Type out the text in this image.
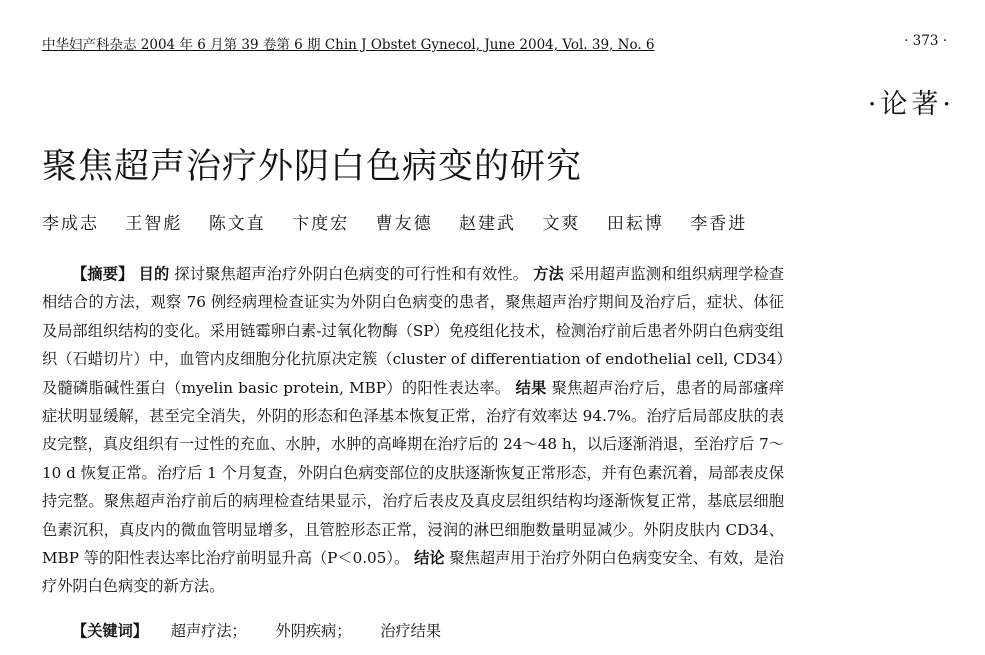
中华妇产科杂志 2004 年 6 月第 39 卷第 6 期 Chin J Obstet Gynecol, June 2004, Vol. 39, No. 6	· 373 ·
·论著·
聚焦超声治疗外阴白色病变的研究
李成志 王智彪 陈文直 卞度宏 曹友德 赵建武 文爽 田耘博 李香进
【摘要】 目的 探讨聚焦超声治疗外阴白色病变的可行性和有效性。 方法 采用超声监测和组织病理学检查相结合的方法，观察 76 例经病理检查证实为外阴白色病变的患者，聚焦超声治疗期间及治疗后，症状、体征及局部组织结构的变化。采用链霉卵白素-过氧化物酶（SP）免疫组化技术，检测治疗前后患者外阴白色病变组织（石蜡切片）中，血管内皮细胞分化抗原决定簇（cluster of differentiation of endothelial cell, CD34）及髓磷脂碱性蛋白（myelin basic protein, MBP）的阳性表达率。 结果 聚焦超声治疗后，患者的局部瘙痒症状明显缓解，甚至完全消失，外阴的形态和色泽基本恢复正常，治疗有效率达 94.7%。治疗后局部皮肤的表皮完整，真皮组织有一过性的充血、水肿，水肿的高峰期在治疗后的 24～48 h，以后逐渐消退，至治疗后 7～10 d 恢复正常。治疗后 1 个月复查，外阴白色病变部位的皮肤逐渐恢复正常形态，并有色素沉着，局部表皮保持完整。聚焦超声治疗前后的病理检查结果显示，治疗后表皮及真皮层组织结构均逐渐恢复正常，基底层细胞色素沉积，真皮内的微血管明显增多，且管腔形态正常，浸润的淋巴细胞数量明显减少。外阴皮肤内 CD34、MBP 等的阳性表达率比治疗前明显升高（P＜0.05）。 结论 聚焦超声用于治疗外阴白色病变安全、有效，是治疗外阴白色病变的新方法。
【关键词】 超声疗法； 外阴疾病； 治疗结果
